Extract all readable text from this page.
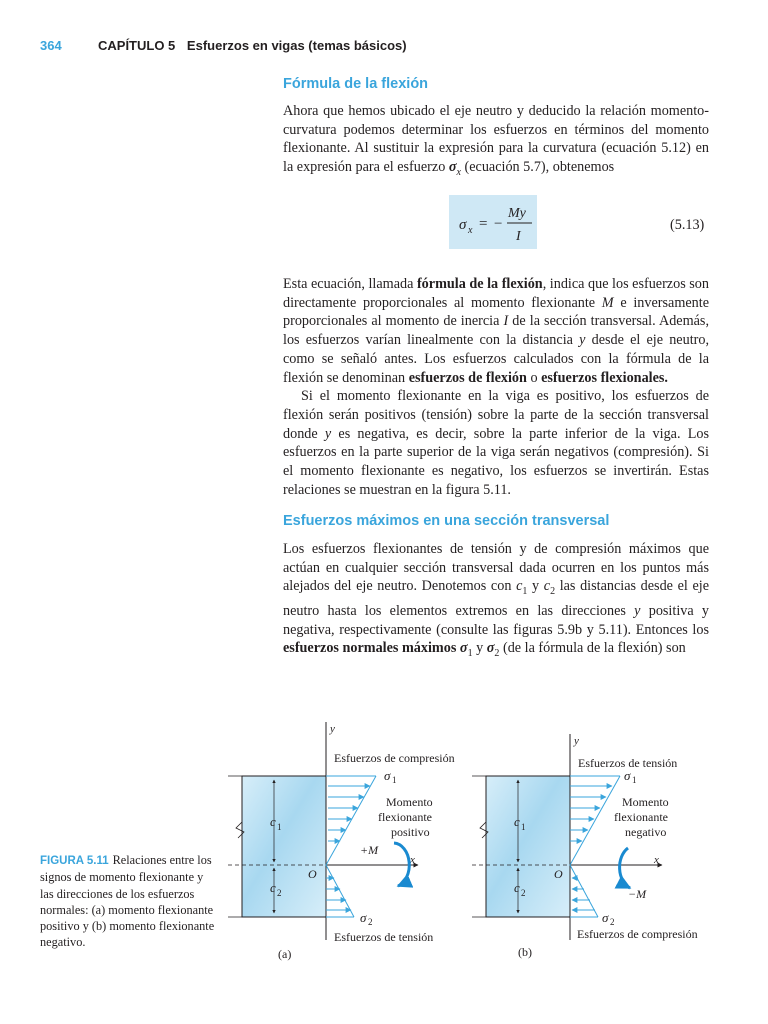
364	CAPÍTULO 5 Esfuerzos en vigas (temas básicos)
Fórmula de la flexión

Ahora que hemos ubicado el eje neutro y deducido la relación momento-curvatura podemos determinar los esfuerzos en términos del momento flexionante. Al sustituir la expresión para la curvatura (ecuación 5.12) en la expresión para el esfuerzo $\sigma_x$ (ecuación 5.7), obtenemos

σ x = −
My
I
(5.13)

Esta ecuación, llamada fórmula de la flexión, indica que los esfuerzos son directamente proporcionales al momento flexionante M e inversamente proporcionales al momento de inercia I de la sección transversal. Además, los esfuerzos varían linealmente con la distancia y desde el eje neutro, como se señaló antes. Los esfuerzos calculados con la fórmula de la flexión se denominan esfuerzos de flexión o esfuerzos flexionales.

Si el momento flexionante en la viga es positivo, los esfuerzos de flexión serán positivos (tensión) sobre la parte de la sección transversal donde y es negativa, es decir, sobre la parte inferior de la viga. Los esfuerzos en la parte superior de la viga serán negativos (compresión). Si el momento flexionante es negativo, los esfuerzos se invertirán. Estas relaciones se muestran en la figura 5.11.

Esfuerzos máximos en una sección transversal

Los esfuerzos flexionantes de tensión y de compresión máximos que actúan en cualquier sección transversal dada ocurren en los puntos más alejados del eje neutro. Denotemos con $c_1$ y $c_2$ las distancias desde el eje neutro hasta los elementos extremos en las direcciones y positiva y negativa, respectivamente (consulte las figuras 5.9b y 5.11). Entonces los esfuerzos normales máximos $\sigma_1$ y $\sigma_2$ (de la fórmula de la flexión) son

FIGURA 5.11 Relaciones entre los signos de momento flexionante y las direcciones de los esfuerzos normales: (a) momento flexionante positivo y (b) momento flexionante negativo.
c 1
c 2
y
x
O
Esfuerzos de compresión
σ 1
Momento
flexionante
positivo
+M
σ 2
Esfuerzos de tensión
(a)
c 1
c 2
y
x
O
Esfuerzos de tensión
σ 1
Momento
flexionante
negativo
−M
σ 2
Esfuerzos de compresión
(b)
